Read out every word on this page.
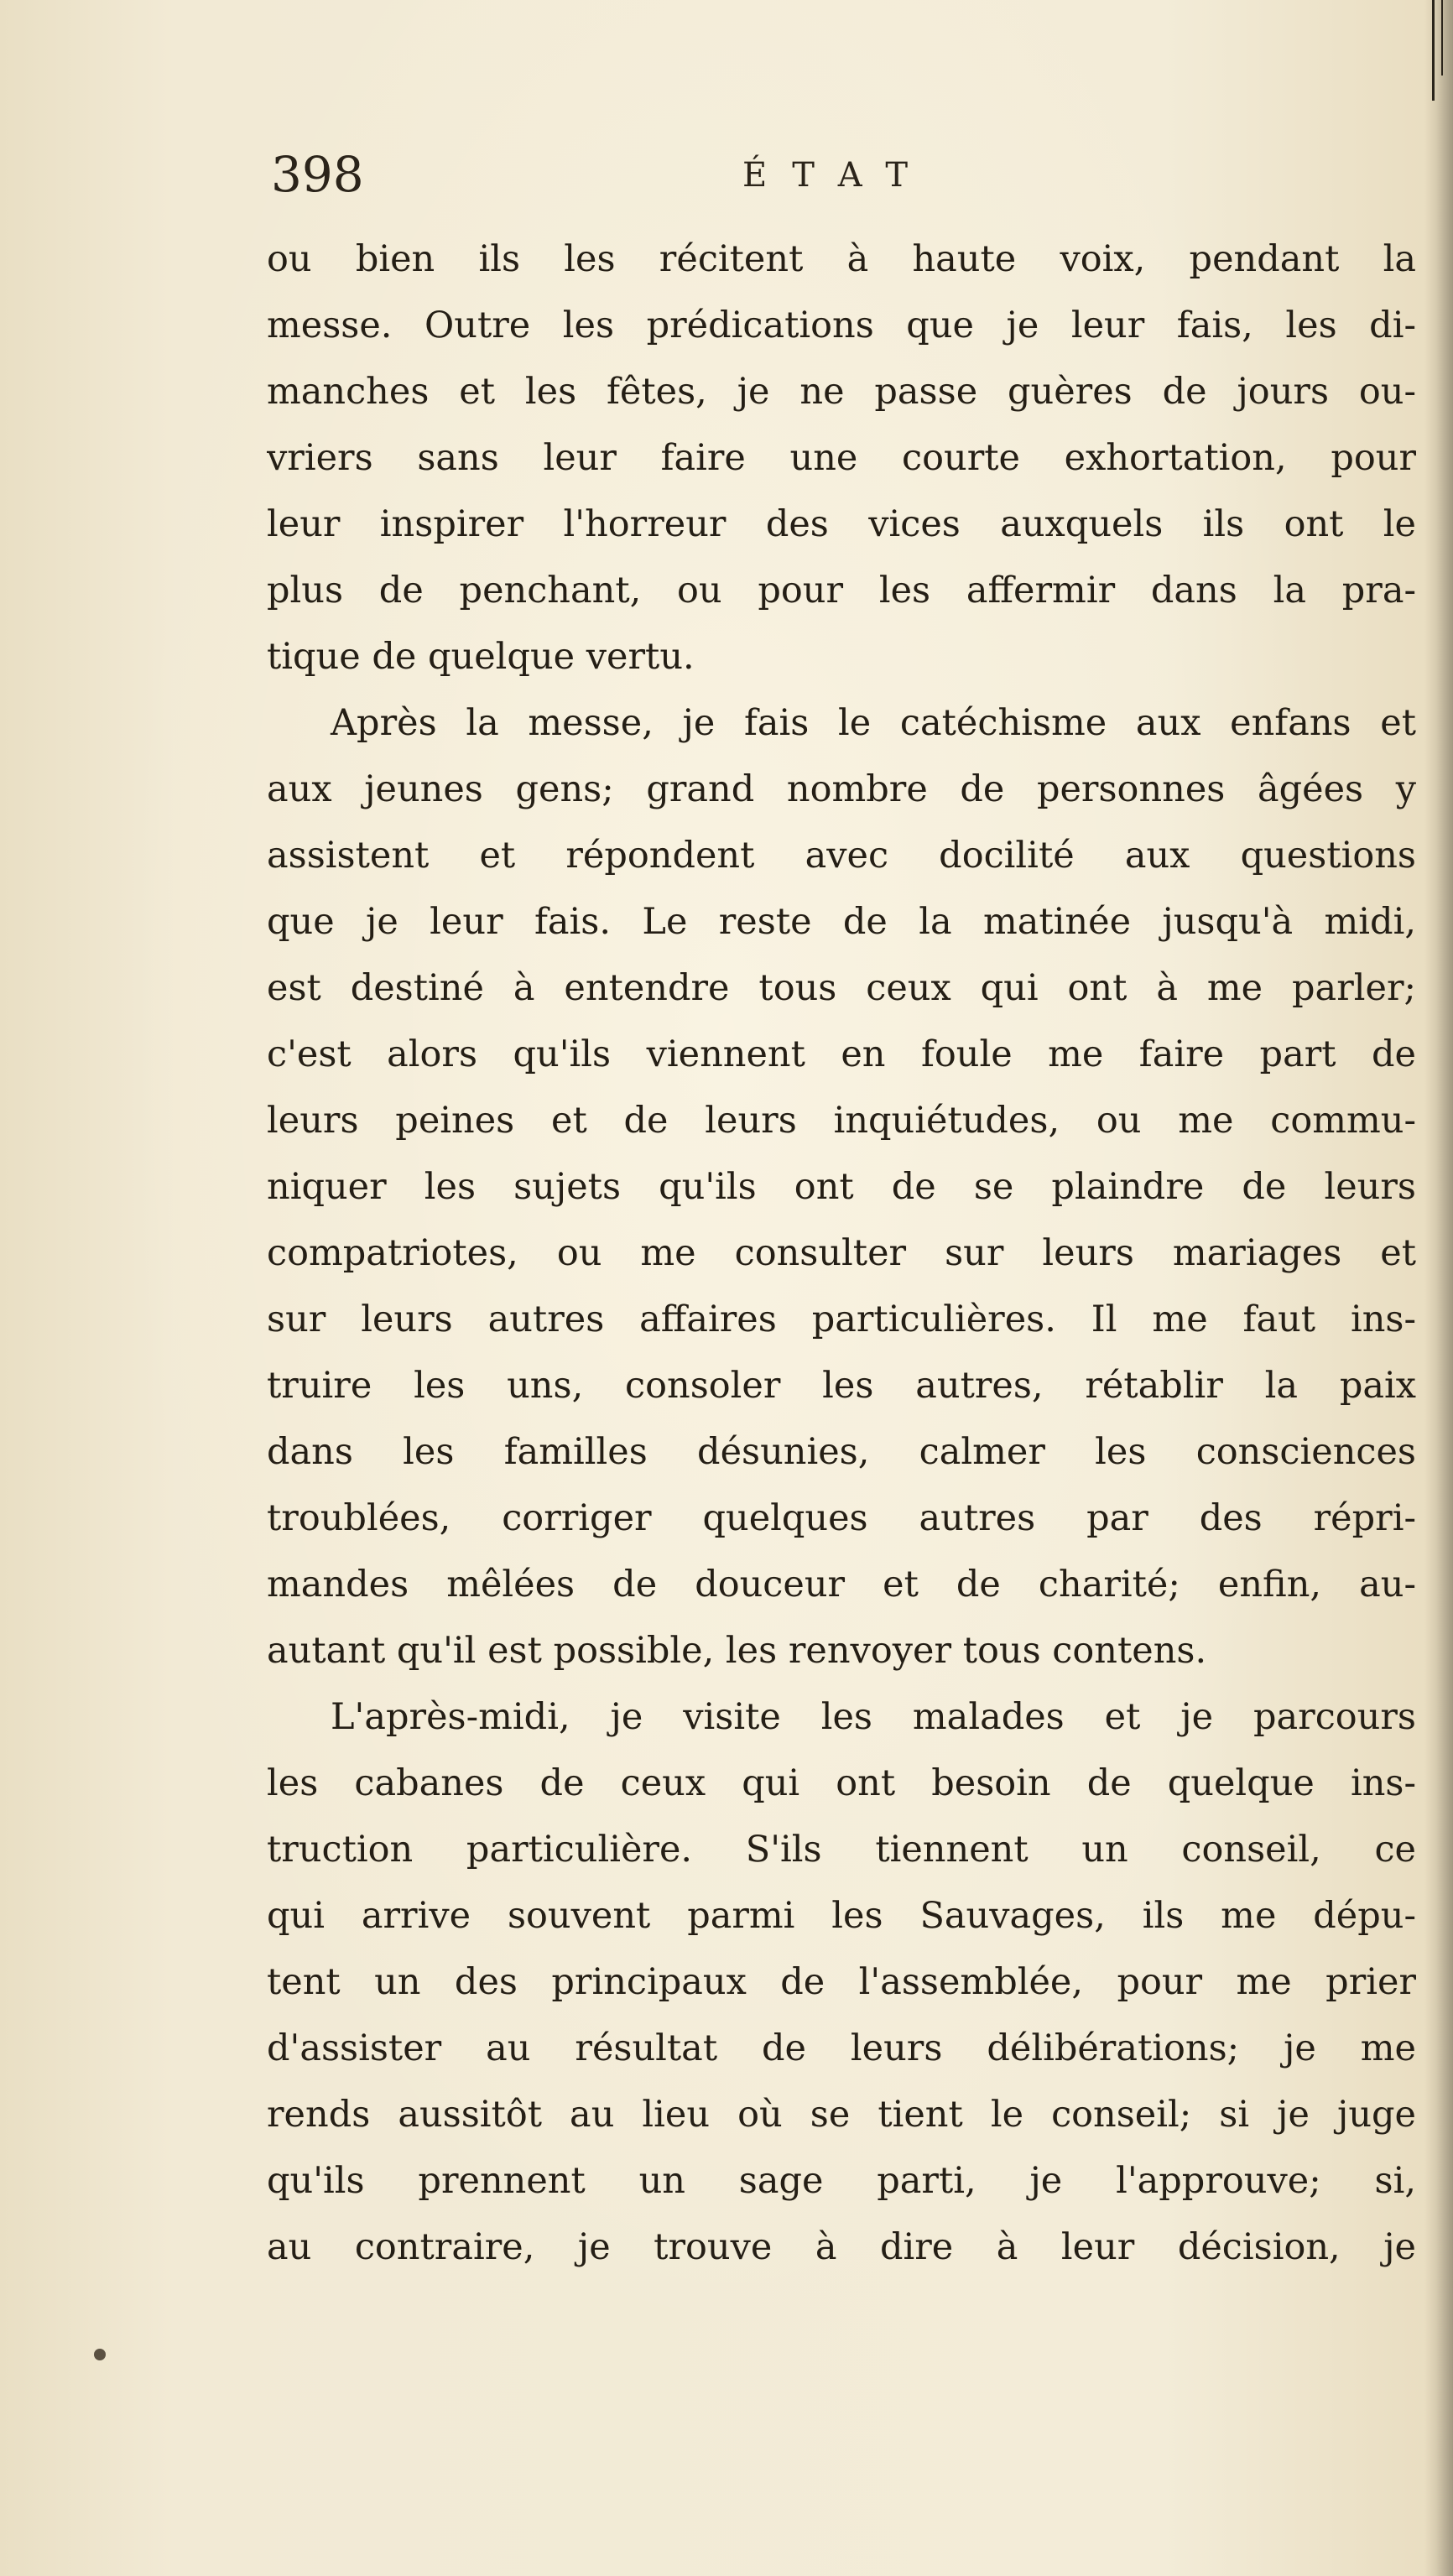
398	ÉTAT
ou bien ils les récitent à haute voix, pendant la
messe. Outre les prédications que je leur fais, les di-
manches et les fêtes, je ne passe guères de jours ou-
vriers sans leur faire une courte exhortation, pour
leur inspirer l'horreur des vices auxquels ils ont le
plus de penchant, ou pour les affermir dans la pra-
tique de quelque vertu.
Après la messe, je fais le catéchisme aux enfans et
aux jeunes gens; grand nombre de personnes âgées y
assistent et répondent avec docilité aux questions
que je leur fais. Le reste de la matinée jusqu'à midi,
est destiné à entendre tous ceux qui ont à me parler;
c'est alors qu'ils viennent en foule me faire part de
leurs peines et de leurs inquiétudes, ou me commu-
niquer les sujets qu'ils ont de se plaindre de leurs
compatriotes, ou me consulter sur leurs mariages et
sur leurs autres affaires particulières. Il me faut ins-
truire les uns, consoler les autres, rétablir la paix
dans les familles désunies, calmer les consciences
troublées, corriger quelques autres par des répri-
mandes mêlées de douceur et de charité; enfin, au-
autant qu'il est possible, les renvoyer tous contens.
L'après-midi, je visite les malades et je parcours
les cabanes de ceux qui ont besoin de quelque ins-
truction particulière. S'ils tiennent un conseil, ce
qui arrive souvent parmi les Sauvages, ils me dépu-
tent un des principaux de l'assemblée, pour me prier
d'assister au résultat de leurs délibérations; je me
rends aussitôt au lieu où se tient le conseil; si je juge
qu'ils prennent un sage parti, je l'approuve; si,
au contraire, je trouve à dire à leur décision, je
